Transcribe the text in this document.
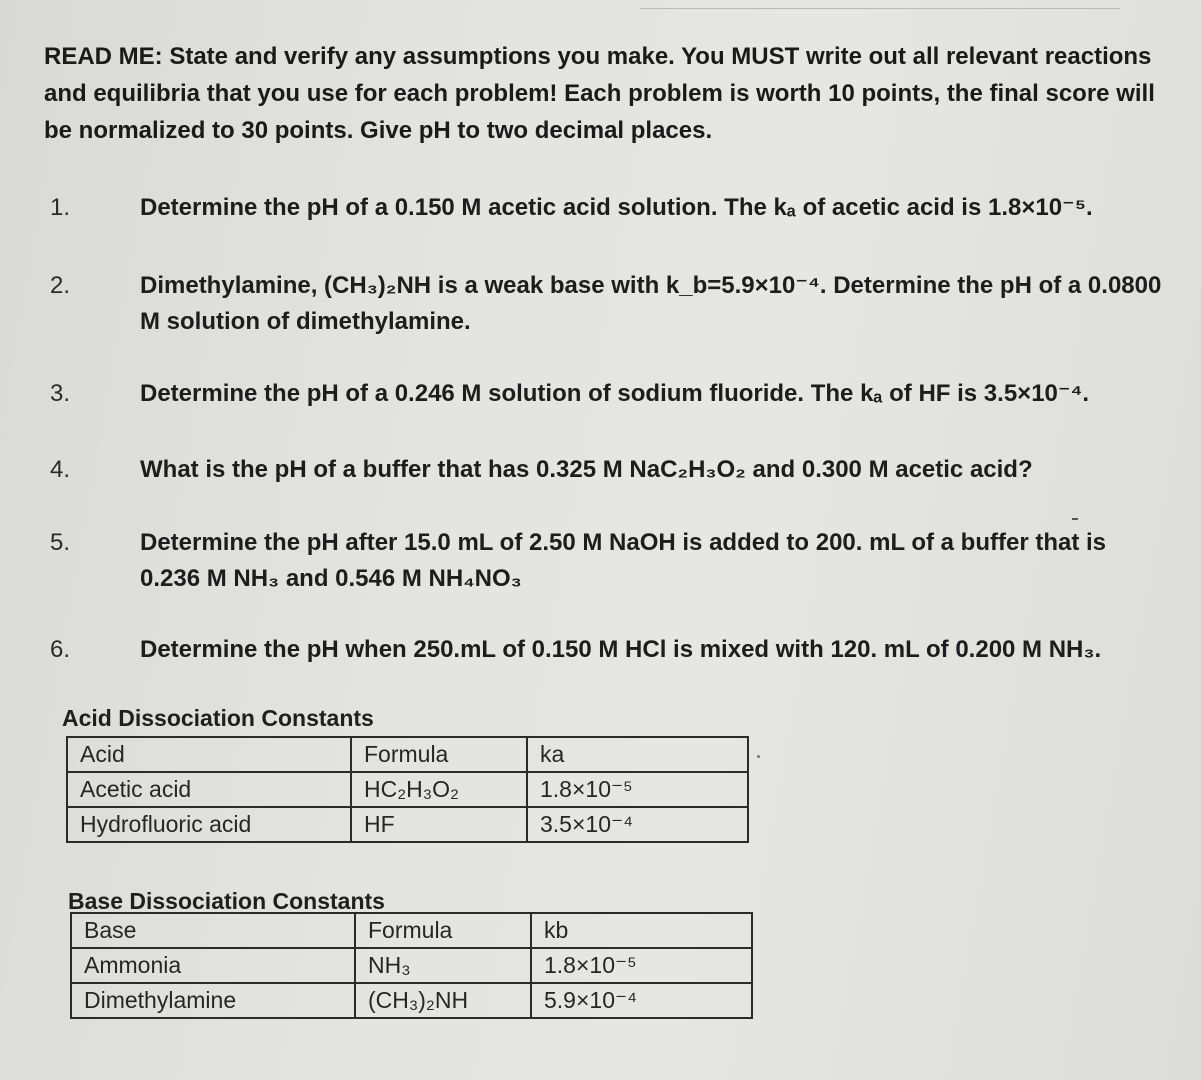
READ ME: State and verify any assumptions you make. You MUST write out all relevant reactions and equilibria that you use for each problem! Each problem is worth 10 points, the final score will be normalized to 30 points. Give pH to two decimal places.
1.	Determine the pH of a 0.150 M acetic acid solution. The kₐ of acetic acid is 1.8×10⁻⁵.
2.	Dimethylamine, (CH₃)₂NH is a weak base with k_b=5.9×10⁻⁴. Determine the pH of a 0.0800 M solution of dimethylamine.
3.	Determine the pH of a 0.246 M solution of sodium fluoride. The kₐ of HF is 3.5×10⁻⁴.
4.	What is the pH of a buffer that has 0.325 M NaC₂H₃O₂ and 0.300 M acetic acid?
5.	Determine the pH after 15.0 mL of 2.50 M NaOH is added to 200. mL of a buffer that is 0.236 M NH₃ and 0.546 M NH₄NO₃
6.	Determine the pH when 250.mL of 0.150 M HCl is mixed with 120. mL of 0.200 M NH₃.
Acid Dissociation Constants
Acid	Formula	ka
Acetic acid	HC₂H₃O₂	1.8×10⁻⁵
Hydrofluoric acid	HF	3.5×10⁻⁴
Base Dissociation Constants
Base	Formula	kb
Ammonia	NH₃	1.8×10⁻⁵
Dimethylamine	(CH₃)₂NH	5.9×10⁻⁴
